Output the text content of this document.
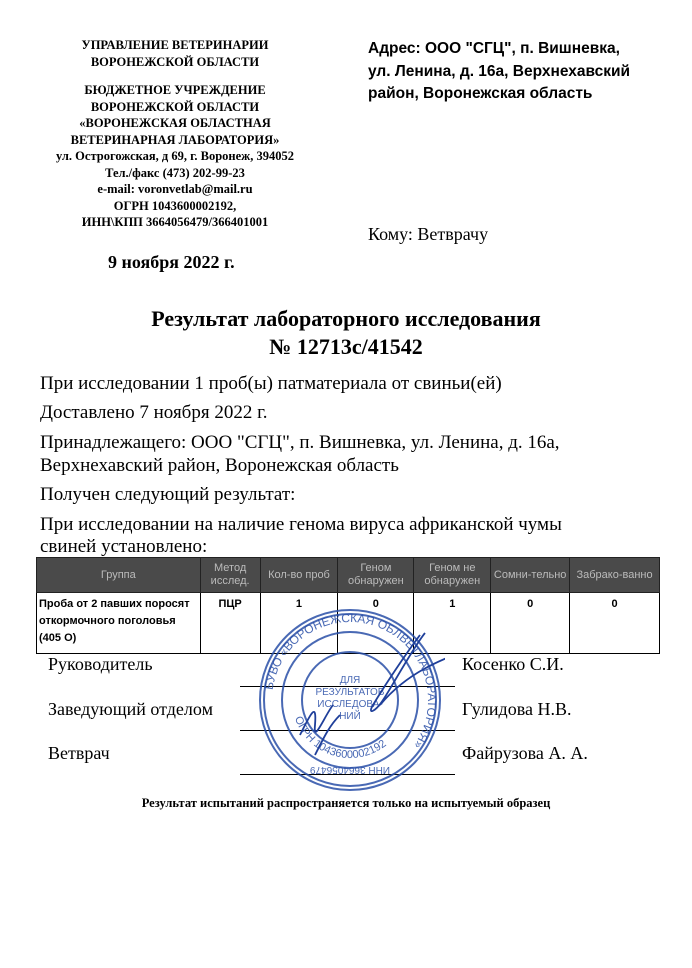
УПРАВЛЕНИЕ ВЕТЕРИНАРИИ
ВОРОНЕЖСКОЙ ОБЛАСТИ
БЮДЖЕТНОЕ УЧРЕЖДЕНИЕ
ВОРОНЕЖСКОЙ ОБЛАСТИ
«ВОРОНЕЖСКАЯ ОБЛАСТНАЯ
ВЕТЕРИНАРНАЯ ЛАБОРАТОРИЯ»
ул. Острогожская, д 69, г. Воронеж, 394052
Тел./факс (473) 202-99-23
e-mail: voronvetlab@mail.ru
ОГРН 1043600002192,
ИНН\КПП 3664056479/366401001
Адрес: ООО "СГЦ", п. Вишневка,
ул. Ленина, д. 16а, Верхнехавский
район, Воронежская область
Кому: Ветврачу
9 ноября 2022 г.
Результат лабораторного исследования
№ 12713с/41542
При исследовании 1 проб(ы) патматериала от свиньи(ей)
Доставлено 7 ноября 2022 г.
Принадлежащего: ООО "СГЦ", п. Вишневка, ул. Ленина, д. 16а,
Верхнехавский район, Воронежская область
Получен следующий результат:
При исследовании на наличие генома вируса африканской чумы
свиней установлено:
Группа	Метод исслед.	Кол-во проб	Геном обнаружен	Геном не обнаружен	Сомни-тельно	Забрако-ванно
Проба от 2 павших поросят откормочного поголовья (405 О)	ПЦР	1	0	1	0	0
Руководитель	Косенко С.И.
Заведующий отделом	Гулидова Н.В.
Ветврач	Файрузова А. А.
БУВО «ВОРОНЕЖСКАЯ ОБЛВЕТЛАБОРАТОРИЯ»
ОГРН 1043600002192
ИНН 3664056479
ДЛЯ
РЕЗУЛЬТАТОВ
ИССЛЕДОВА-
НИЙ
Результат испытаний распространяется только на испытуемый образец
